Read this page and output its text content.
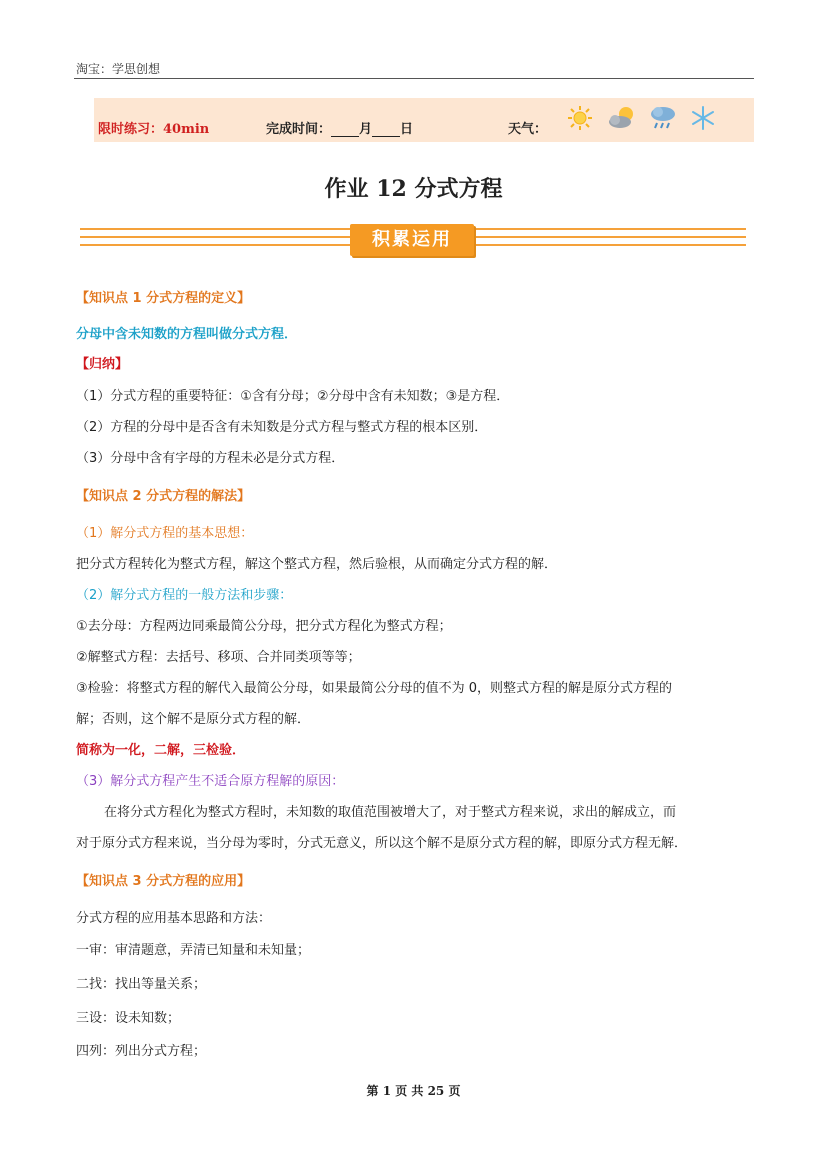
淘宝：学思创想
限时练习：40min	完成时间： 月 日	天气：
作业 12 分式方程
积累运用
【知识点 1 分式方程的定义】
分母中含未知数的方程叫做分式方程．
【归纳】
（1）分式方程的重要特征：①含有分母；②分母中含有未知数；③是方程．
（2）方程的分母中是否含有未知数是分式方程与整式方程的根本区别．
（3）分母中含有字母的方程未必是分式方程．
【知识点 2 分式方程的解法】
（1）解分式方程的基本思想：
把分式方程转化为整式方程，解这个整式方程，然后验根，从而确定分式方程的解．
（2）解分式方程的一般方法和步骤：
①去分母：方程两边同乘最简公分母，把分式方程化为整式方程；
②解整式方程：去括号、移项、合并同类项等等；
③检验：将整式方程的解代入最简公分母，如果最简公分母的值不为 0，则整式方程的解是原分式方程的
解；否则，这个解不是原分式方程的解．
简称为一化，二解，三检验．
（3）解分式方程产生不适合原方程解的原因：
在将分式方程化为整式方程时，未知数的取值范围被增大了，对于整式方程来说，求出的解成立，而
对于原分式方程来说，当分母为零时，分式无意义，所以这个解不是原分式方程的解，即原分式方程无解．
【知识点 3 分式方程的应用】
分式方程的应用基本思路和方法：
一审：审清题意，弄清已知量和未知量；
二找：找出等量关系；
三设：设未知数；
四列：列出分式方程；
第 1 页 共 25 页
